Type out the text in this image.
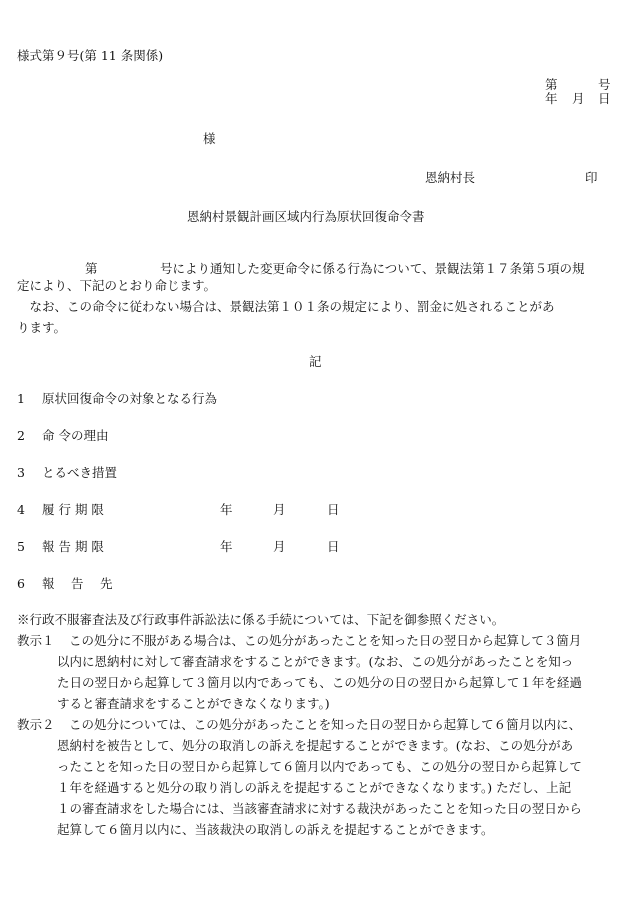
様式第９号(第 11 条関係)
第	号
年 月 日
様
恩納村長	印
恩納村景観計画区域内行為原状回復命令書
第	号により通知した変更命令に係る行為について、景観法第１７条第５項の規
定により、下記のとおり命じます。
　なお、この命令に従わない場合は、景観法第１０１条の規定により、罰金に処されることがあ
ります。
記
1 原状回復命令の対象となる行為
2 命 令の理由
3 とるべき措置
4 履 行 期 限	年	月	日
5 報 告 期 限	年	月	日
6 報　 告　 先
※行政不服審査法及び行政事件訴訟法に係る手続については、下記を御参照ください。
教示１	この処分に不服がある場合は、この処分があったことを知った日の翌日から起算して３箇月
以内に恩納村に対して審査請求をすることができます。(なお、この処分があったことを知っ
た日の翌日から起算して３箇月以内であっても、この処分の日の翌日から起算して１年を経過
すると審査請求をすることができなくなります。)
教示２	この処分については、この処分があったことを知った日の翌日から起算して６箇月以内に、
恩納村を被告として、処分の取消しの訴えを提起することができます。(なお、この処分があ
ったことを知った日の翌日から起算して６箇月以内であっても、この処分の翌日から起算して
１年を経過すると処分の取り消しの訴えを提起することができなくなります。) ただし、上記
１の審査請求をした場合には、当該審査請求に対する裁決があったことを知った日の翌日から
起算して６箇月以内に、当該裁決の取消しの訴えを提起することができます。
